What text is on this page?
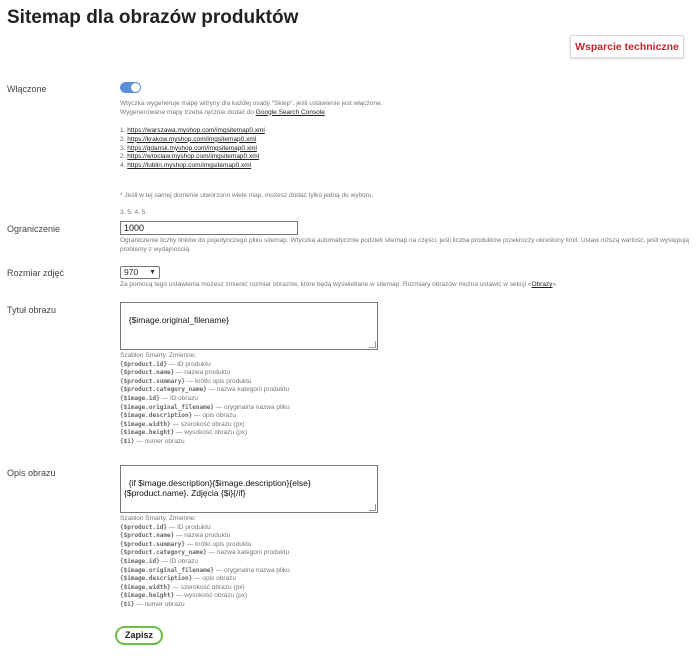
Sitemap dla obrazów produktów
Wsparcie techniczne
Włączone

Wtyczka wygeneruje mapę witryny dla każdej osady "Sklep", jeśli ustawienie jest włączone.

Wygenerowane mapy trzeba ręcznie dodać do Google Search Console.

1. https://warszawa.myshop.com/imgsitemap0.xml
2. https://krakow.myshop.com/imgsitemap0.xml
3. https://gdansk.myshop.com/imgsitemap0.xml
2. https://wroclaw.myshop.com/imgsitemap0.xml
4. https://lublin.myshop.com/imgsitemap0.xml

* Jeśli w tej samej domenie utworzono wiele map, możesz dodać tylko jedną do wyboru.

3. 5. 4. 5.

Ograniczenie	1000

Ograniczenie liczby linków do pojedynczego pliku sitemap. Wtyczka automatycznie podzieli sitemap na części, jeśli liczba produktów przekroczy określony limit. Ustaw niższą wartość, jeśli występują problemy z wydajnością.

Rozmiar zdjęć	970 ▼

Za pomocą tego ustawienia możesz zmienić rozmiar obrazów, które będą wyświetlane w sitemap. Rozmiary obrazów można ustawić w sekcji «Obrazy».

Tytuł obrazu

{$image.original_filename}

Szablon Smarty. Zmienne:
{$product.id} — ID produktu
{$product.name} — nazwa produktu
{$product.summary} — krótki opis produktu
{$product.category_name} — nazwa kategorii produktu
{$image.id} — ID obrazu
{$image.original_filename} — oryginalna nazwa pliku
{$image.description} — opis obrazu
{$image.width} — szerokość obrazu (px)
{$image.height} — wysokość obrazu (px)
{$i} — numer obrazu
Opis obrazu

{if $image.description}{$image.description}{else}
{$product.name}. Zdjęcia {$i}{/if}

Szablon Smarty. Zmienne:
{$product.id} — ID produktu
{$product.name} — nazwa produktu
{$product.summary} — krótki opis produktu
{$product.category_name} — nazwa kategorii produktu
{$image.id} — ID obrazu
{$image.original_filename} — oryginalna nazwa pliku
{$image.description} — opis obrazu
{$image.width} — szerokość obrazu (px)
{$image.height} — wysokość obrazu (px)
{$i} — numer obrazu
Zapisz
